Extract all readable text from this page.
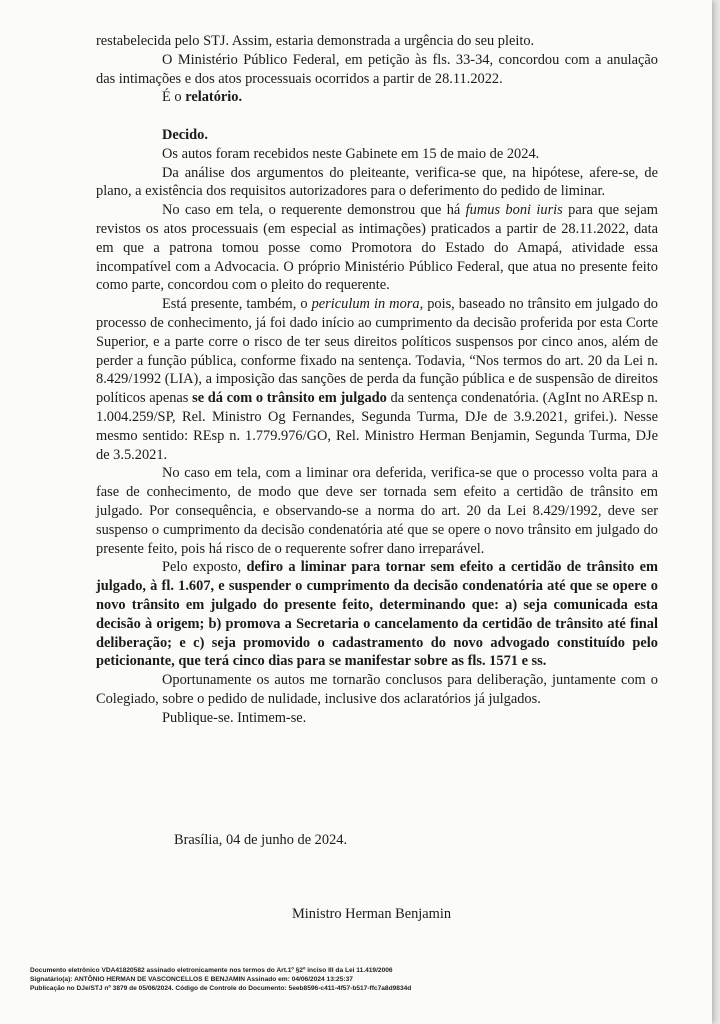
restabelecida pelo STJ. Assim, estaria demonstrada a urgência do seu pleito.

O Ministério Público Federal, em petição às fls. 33-34, concordou com a anulação das intimações e dos atos processuais ocorridos a partir de 28.11.2022.

É o relatório.

Decido.

Os autos foram recebidos neste Gabinete em 15 de maio de 2024.

Da análise dos argumentos do pleiteante, verifica-se que, na hipótese, afere-se, de plano, a existência dos requisitos autorizadores para o deferimento do pedido de liminar.

No caso em tela, o requerente demonstrou que há fumus boni iuris para que sejam revistos os atos processuais (em especial as intimações) praticados a partir de 28.11.2022, data em que a patrona tomou posse como Promotora do Estado do Amapá, atividade essa incompatível com a Advocacia. O próprio Ministério Público Federal, que atua no presente feito como parte, concordou com o pleito do requerente.

Está presente, também, o periculum in mora, pois, baseado no trânsito em julgado do processo de conhecimento, já foi dado início ao cumprimento da decisão proferida por esta Corte Superior, e a parte corre o risco de ter seus direitos políticos suspensos por cinco anos, além de perder a função pública, conforme fixado na sentença. Todavia, “Nos termos do art. 20 da Lei n. 8.429/1992 (LIA), a imposição das sanções de perda da função pública e de suspensão de direitos políticos apenas se dá com o trânsito em julgado da sentença condenatória. (AgInt no AREsp n. 1.004.259/SP, Rel. Ministro Og Fernandes, Segunda Turma, DJe de 3.9.2021, grifei.). Nesse mesmo sentido: REsp n. 1.779.976/GO, Rel. Ministro Herman Benjamin, Segunda Turma, DJe de 3.5.2021.

No caso em tela, com a liminar ora deferida, verifica-se que o processo volta para a fase de conhecimento, de modo que deve ser tornada sem efeito a certidão de trânsito em julgado. Por consequência, e observando-se a norma do art. 20 da Lei 8.429/1992, deve ser suspenso o cumprimento da decisão condenatória até que se opere o novo trânsito em julgado do presente feito, pois há risco de o requerente sofrer dano irreparável.

Pelo exposto, defiro a liminar para tornar sem efeito a certidão de trânsito em julgado, à fl. 1.607, e suspender o cumprimento da decisão condenatória até que se opere o novo trânsito em julgado do presente feito, determinando que: a) seja comunicada esta decisão à origem; b) promova a Secretaria o cancelamento da certidão de trânsito até final deliberação; e c) seja promovido o cadastramento do novo advogado constituído pelo peticionante, que terá cinco dias para se manifestar sobre as fls. 1571 e ss.

Oportunamente os autos me tornarão conclusos para deliberação, juntamente com o Colegiado, sobre o pedido de nulidade, inclusive dos aclaratórios já julgados.

Publique-se. Intimem-se.

Brasília, 04 de junho de 2024.
Ministro Herman Benjamin
Documento eletrônico VDA41820582 assinado eletronicamente nos termos do Art.1º §2º inciso III da Lei 11.419/2006
Signatário(a): ANTÔNIO HERMAN DE VASCONCELLOS E BENJAMIN Assinado em: 04/06/2024 13:25:37
Publicação no DJe/STJ nº 3879 de 05/06/2024. Código de Controle do Documento: 5eeb8596-c411-4f57-b517-ffc7a8d9834d
